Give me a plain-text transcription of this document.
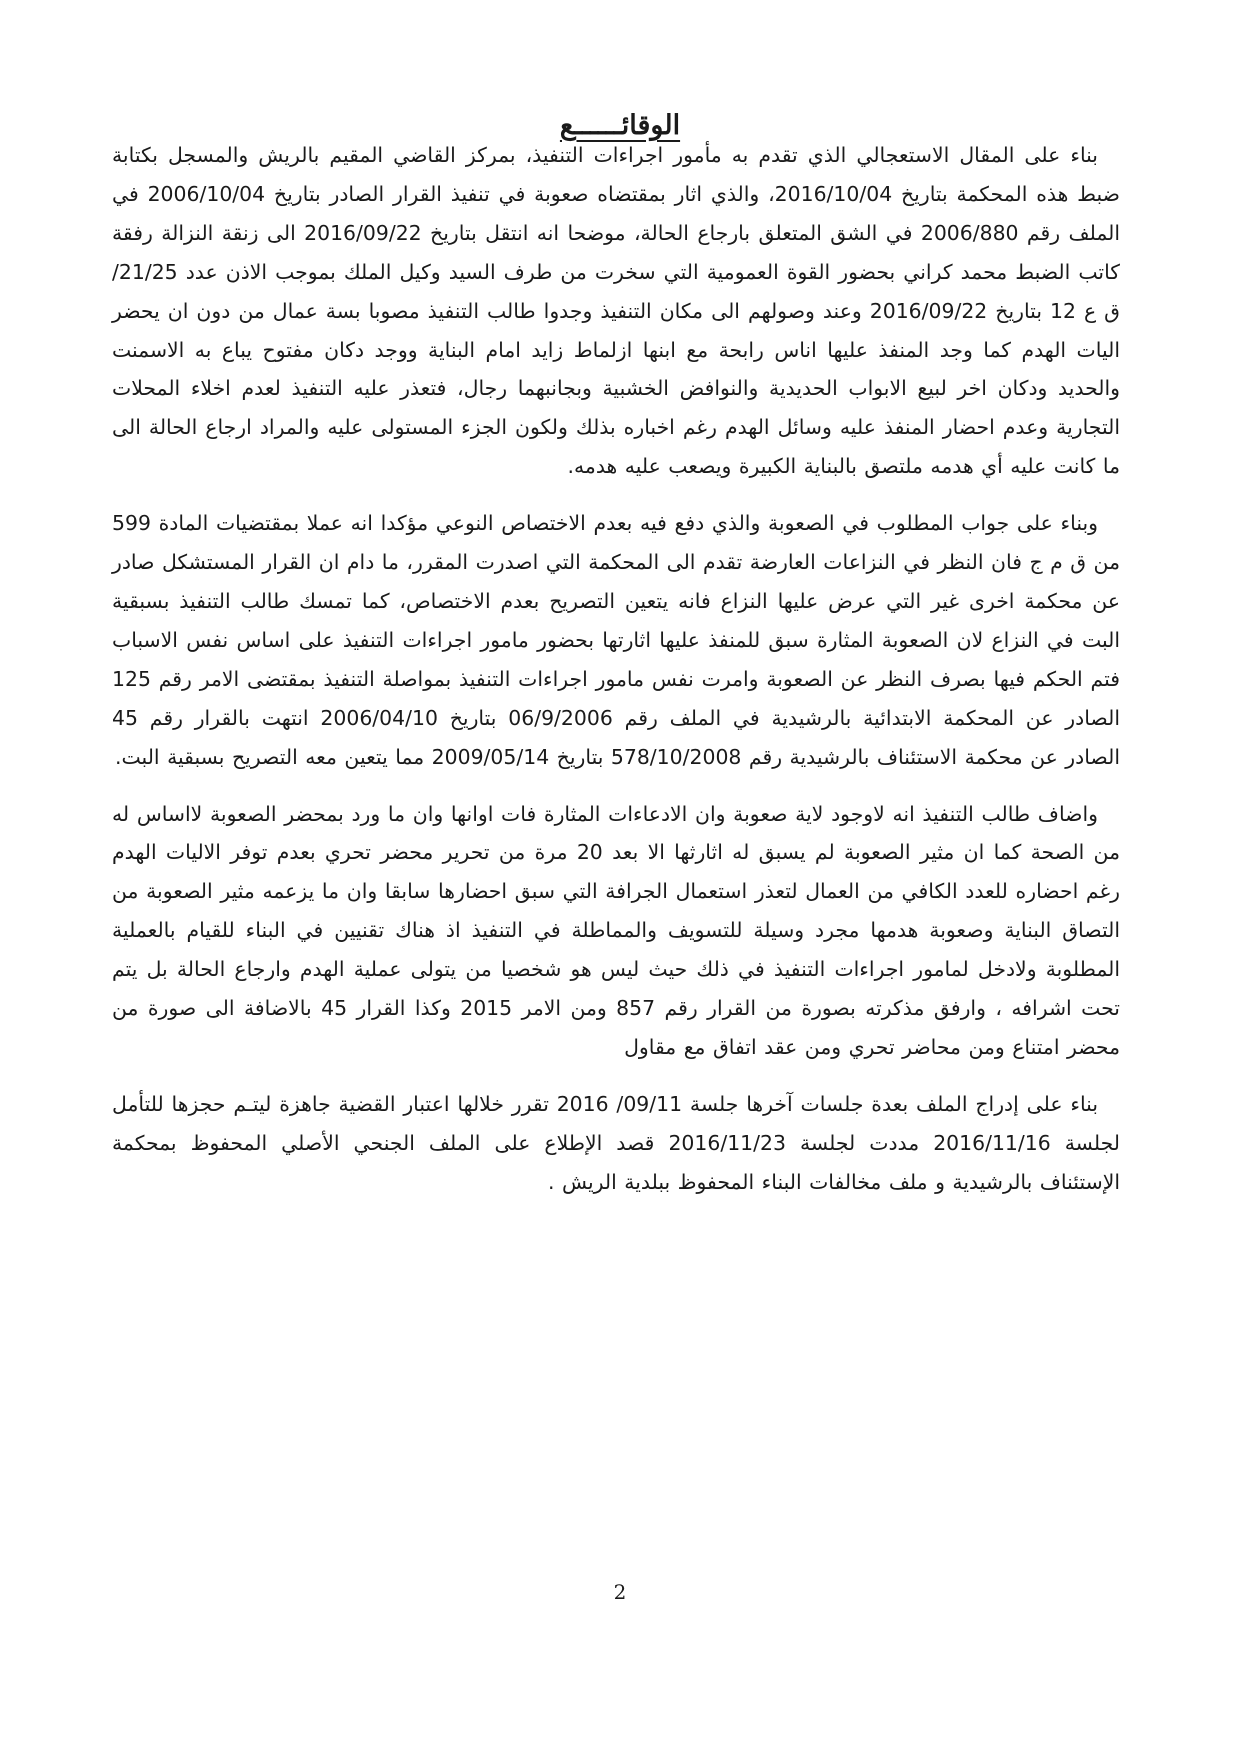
الوقائــــــع

بناء على المقال الاستعجالي الذي تقدم به مأمور اجراءات التنفيذ، بمركز القاضي المقيم بالريش والمسجل بكتابة ضبط هذه المحكمة بتاريخ 2016/10/04، والذي اثار بمقتضاه صعوبة في تنفيذ القرار الصادر بتاريخ 2006/10/04 في الملف رقم 2006/880 في الشق المتعلق بارجاع الحالة، موضحا انه انتقل بتاريخ 2016/09/22 الى زنقة النزالة رفقة كاتب الضبط محمد كراني بحضور القوة العمومية التي سخرت من طرف السيد وكيل الملك بموجب الاذن عدد 21/25/ ق ع 12 بتاريخ 2016/09/22 وعند وصولهم الى مكان التنفيذ وجدوا طالب التنفيذ مصوبا بسة عمال من دون ان يحضر اليات الهدم كما وجد المنفذ عليها اناس رابحة مع ابنها ازلماط زايد امام البناية ووجد دكان مفتوح يباع به الاسمنت والحديد ودكان اخر لبيع الابواب الحديدية والنوافض الخشبية وبجانبهما رجال، فتعذر عليه التنفيذ لعدم اخلاء المحلات التجارية وعدم احضار المنفذ عليه وسائل الهدم رغم اخباره بذلك ولكون الجزء المستولى عليه والمراد ارجاع الحالة الى ما كانت عليه أي هدمه ملتصق بالبناية الكبيرة ويصعب عليه هدمه.

وبناء على جواب المطلوب في الصعوبة والذي دفع فيه بعدم الاختصاص النوعي مؤكدا انه عملا بمقتضيات المادة 599 من ق م ج فان النظر في النزاعات العارضة تقدم الى المحكمة التي اصدرت المقرر، ما دام ان القرار المستشكل صادر عن محكمة اخرى غير التي عرض عليها النزاع فانه يتعين التصريح بعدم الاختصاص، كما تمسك طالب التنفيذ بسبقية البت في النزاع لان الصعوبة المثارة سبق للمنفذ عليها اثارتها بحضور مامور اجراءات التنفيذ على اساس نفس الاسباب فتم الحكم فيها بصرف النظر عن الصعوبة وامرت نفس مامور اجراءات التنفيذ بمواصلة التنفيذ بمقتضى الامر رقم 125 الصادر عن المحكمة الابتدائية بالرشيدية في الملف رقم 06/9/2006 بتاريخ 2006/04/10 انتهت بالقرار رقم 45 الصادر عن محكمة الاستئناف بالرشيدية رقم 578/10/2008 بتاريخ 2009/05/14 مما يتعين معه التصريح بسبقية البت.

واضاف طالب التنفيذ انه لاوجود لاية صعوبة وان الادعاءات المثارة فات اوانها وان ما ورد بمحضر الصعوبة لااساس له من الصحة كما ان مثير الصعوبة لم يسبق له اثارثها الا بعد 20 مرة من تحرير محضر تحري بعدم توفر الاليات الهدم رغم احضاره للعدد الكافي من العمال لتعذر استعمال الجرافة التي سبق احضارها سابقا وان ما يزعمه مثير الصعوبة من التصاق البناية وصعوبة هدمها مجرد وسيلة للتسويف والمماطلة في التنفيذ اذ هناك تقنيين في البناء للقيام بالعملية المطلوبة ولادخل لمامور اجراءات التنفيذ في ذلك حيث ليس هو شخصيا من يتولى عملية الهدم وارجاع الحالة بل يتم تحت اشرافه ، وارفق مذكرته بصورة من القرار رقم 857 ومن الامر 2015 وكذا القرار 45 بالاضافة الى صورة من محضر امتناع ومن محاضر تحري ومن عقد اتفاق مع مقاول

بناء على إدراج الملف بعدة جلسات آخرها جلسة 09/11/ 2016 تقرر خلالها اعتبار القضية جاهزة ليتـم حجزها للتأمل لجلسة 2016/11/16 مددت لجلسة 2016/11/23 قصد الإطلاع على الملف الجنحي الأصلي المحفوظ بمحكمة الإستئناف بالرشيدية و ملف مخالفات البناء المحفوظ ببلدية الريش .

2
